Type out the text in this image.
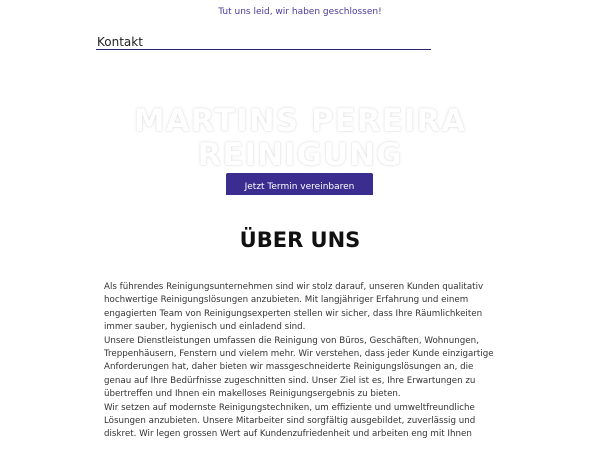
Tut uns leid, wir haben geschlossen!
Kontakt
MARTINS PEREIRA
REINIGUNG
Jetzt Termin vereinbaren
ÜBER UNS

Als führendes Reinigungsunternehmen sind wir stolz darauf, unseren Kunden qualitativ hochwertige Reinigungslösungen anzubieten. Mit langjähriger Erfahrung und einem engagierten Team von Reinigungsexperten stellen wir sicher, dass Ihre Räumlichkeiten immer sauber, hygienisch und einladend sind.

Unsere Dienstleistungen umfassen die Reinigung von Büros, Geschäften, Wohnungen, Treppenhäusern, Fenstern und vielem mehr. Wir verstehen, dass jeder Kunde einzigartige Anforderungen hat, daher bieten wir massgeschneiderte Reinigungslösungen an, die genau auf Ihre Bedürfnisse zugeschnitten sind. Unser Ziel ist es, Ihre Erwartungen zu übertreffen und Ihnen ein makelloses Reinigungsergebnis zu bieten.

Wir setzen auf modernste Reinigungstechniken, um effiziente und umweltfreundliche Lösungen anzubieten. Unsere Mitarbeiter sind sorgfältig ausgebildet, zuverlässig und diskret. Wir legen grossen Wert auf Kundenzufriedenheit und arbeiten eng mit Ihnen
